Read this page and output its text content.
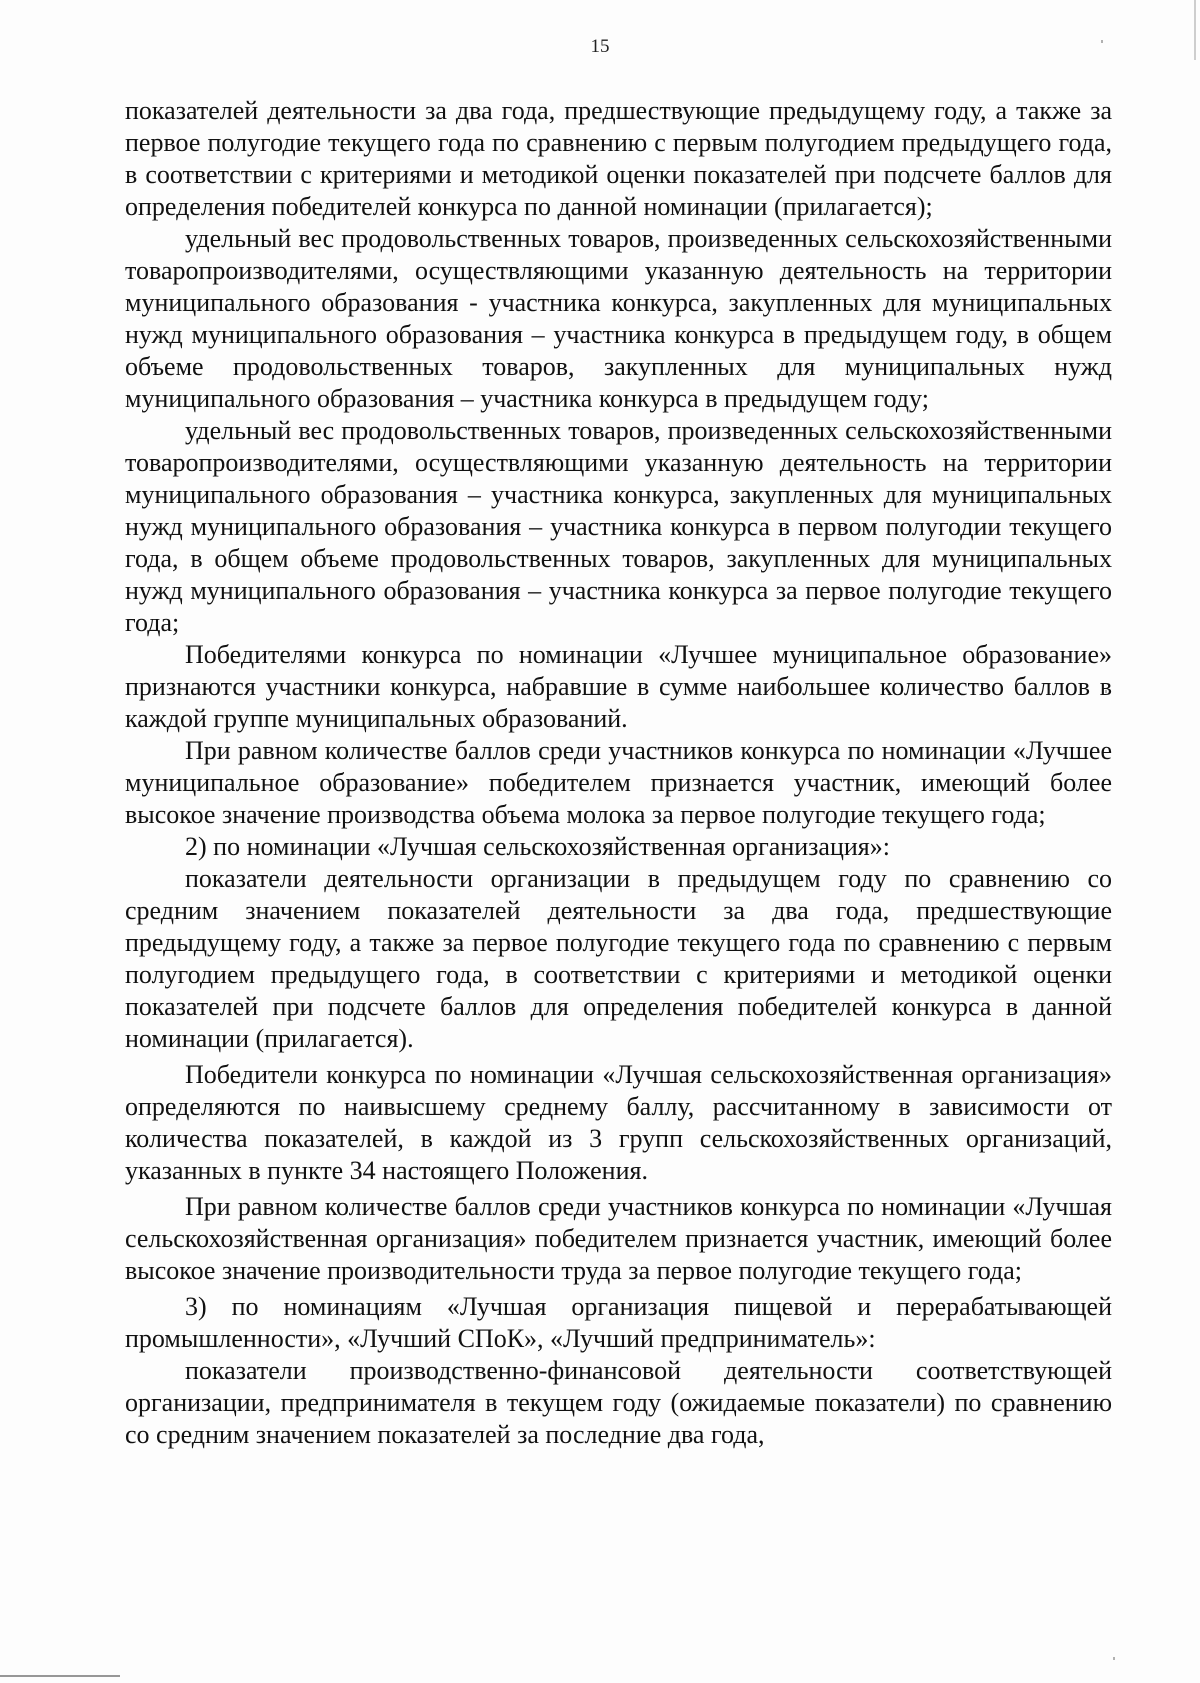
15

показателей деятельности за два года, предшествующие предыдущему году, а также за первое полугодие текущего года по сравнению с первым полугодием предыдущего года, в соответствии с критериями и методикой оценки показателей при подсчете баллов для определения победителей конкурса по данной номинации (прилагается);

удельный вес продовольственных товаров, произведенных сельскохозяйственными товаропроизводителями, осуществляющими указанную деятельность на территории муниципального образования - участника конкурса, закупленных для муниципальных нужд муниципального образования – участника конкурса в предыдущем году, в общем объеме продовольственных товаров, закупленных для муниципальных нужд муниципального образования – участника конкурса в предыдущем году;

удельный вес продовольственных товаров, произведенных сельскохозяйственными товаропроизводителями, осуществляющими указанную деятельность на территории муниципального образования – участника конкурса, закупленных для муниципальных нужд муниципального образования – участника конкурса в первом полугодии текущего года, в общем объеме продовольственных товаров, закупленных для муниципальных нужд муниципального образования – участника конкурса за первое полугодие текущего года;

Победителями конкурса по номинации «Лучшее муниципальное образование» признаются участники конкурса, набравшие в сумме наибольшее количество баллов в каждой группе муниципальных образований.

При равном количестве баллов среди участников конкурса по номинации «Лучшее муниципальное образование» победителем признается участник, имеющий более высокое значение производства объема молока за первое полугодие текущего года;

2) по номинации «Лучшая сельскохозяйственная организация»:

показатели деятельности организации в предыдущем году по сравнению со средним значением показателей деятельности за два года, предшествующие предыдущему году, а также за первое полугодие текущего года по сравнению с первым полугодием предыдущего года, в соответствии с критериями и методикой оценки показателей при подсчете баллов для определения победителей конкурса в данной номинации (прилагается).

Победители конкурса по номинации «Лучшая сельскохозяйственная организация» определяются по наивысшему среднему баллу, рассчитанному в зависимости от количества показателей, в каждой из 3 групп сельскохозяйственных организаций, указанных в пункте 34 настоящего Положения.

При равном количестве баллов среди участников конкурса по номинации «Лучшая сельскохозяйственная организация» победителем признается участник, имеющий более высокое значение производительности труда за первое полугодие текущего года;

3) по номинациям «Лучшая организация пищевой и перерабатывающей промышленности», «Лучший СПоК», «Лучший предприниматель»:

показатели производственно-финансовой деятельности соответствующей организации, предпринимателя в текущем году (ожидаемые показатели) по сравнению со средним значением показателей за последние два года,
